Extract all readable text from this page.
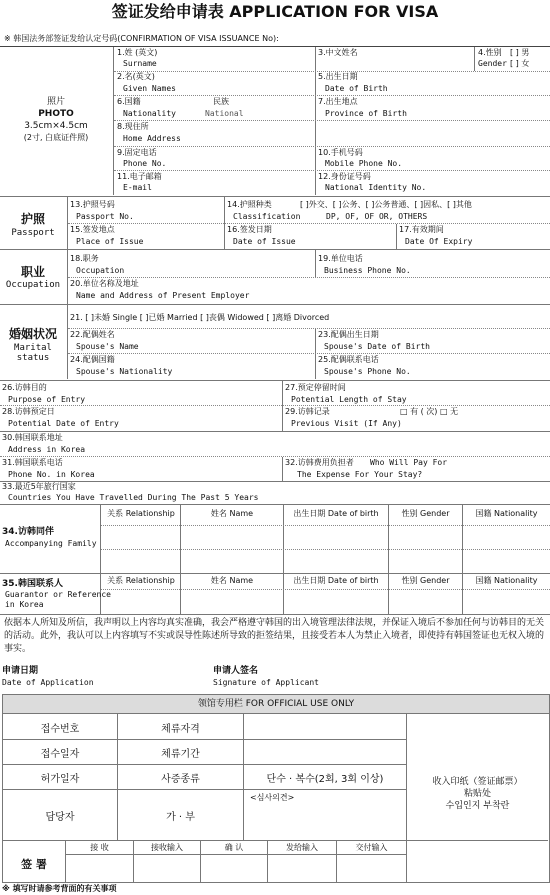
签证发给申请表 APPLICATION FOR VISA
※ 韩国法务部签证发给认定号码(CONFIRMATION OF VISA ISSUANCE No):
照片
PHOTO
3.5cm×4.5cm
(2寸, 白底证件照)
1.姓 (英文)
Surname
3.中文姓名	4.性别 [ ] 男
Gender [ ] 女
2.名(英文)
Given Names
5.出生日期
Date of Birth
6.国籍	民族
Nationality	National
7.出生地点
Province of Birth
8.现住所
Home Address
9.固定电话
Phone No.
10.手机号码
Mobile Phone No.
11.电子邮箱
E-mail
12.身份证号码
National Identity No.
护照
Passport
13.护照号码
Passport No.
14.护照种类	[ ]外交、[ ]公务、[ ]公务普通、[ ]因私、[ ]其他
Classification	DP, OF, OF OR, OTHERS
15.签发地点
Place of Issue
16.签发日期
Date of Issue
17.有效期间
Date Of Expiry
职业
Occupation
18.职务
Occupation
19.单位电话
Business Phone No.
20.单位名称及地址
Name and Address of Present Employer
婚姻状况
Marital status
21. [ ]未婚 Single [ ]已婚 Married [ ]丧偶 Widowed [ ]离婚 Divorced
22.配偶姓名
Spouse's Name
23.配偶出生日期
Spouse's Date of Birth
24.配偶国籍
Spouse's Nationality
25.配偶联系电话
Spouse's Phone No.
26.访韩目的
Purpose of Entry
27.预定停留时间
Potential Length of Stay
28.访韩预定日
Potential Date of Entry
29.访韩记录	□ 有 ( 次) □ 无
Previous Visit (If Any)
30.韩国联系地址
Address in Korea
31.韩国联系电话
Phone No. in Korea
32.访韩费用负担者 Who Will Pay For
The Expense For Your Stay?
33.最近5年旅行国家
Countries You Have Travelled During The Past 5 Years
关系 Relationship	姓名 Name	出生日期 Date of birth	性别 Gender	国籍 Nationality
34.访韩同伴
Accompanying Family
35.韩国联系人
Guarantor or Reference
in Korea
关系 Relationship	姓名 Name	出生日期 Date of birth	性别 Gender	国籍 Nationality
依据本人所知及所信，我声明以上内容均真实准确，我会严格遵守韩国的出入境管理法律法规，并保证入境后不参加任何与访韩目的无关的活动。此外，我认可以上内容填写不实或误导性陈述所导致的拒签结果，且接受若本人为禁止入境者，即使持有韩国签证也无权入境的事实。
申请日期
Date of Application
申请人签名
Signature of Applicant
领馆专用栏 FOR OFFICIAL USE ONLY
접수번호	체류자격
접수일자	체류기간
허가일자	사증종류	단수 · 복수(2회, 3회 이상)
담당자	가 · 부
<심사의견>
收入印纸（签证邮票）
粘贴处
수입인지 부착란
签 署
接 收	接收输入	确 认	发给输入	交付输入
※ 填写时请参考背面的有关事项
